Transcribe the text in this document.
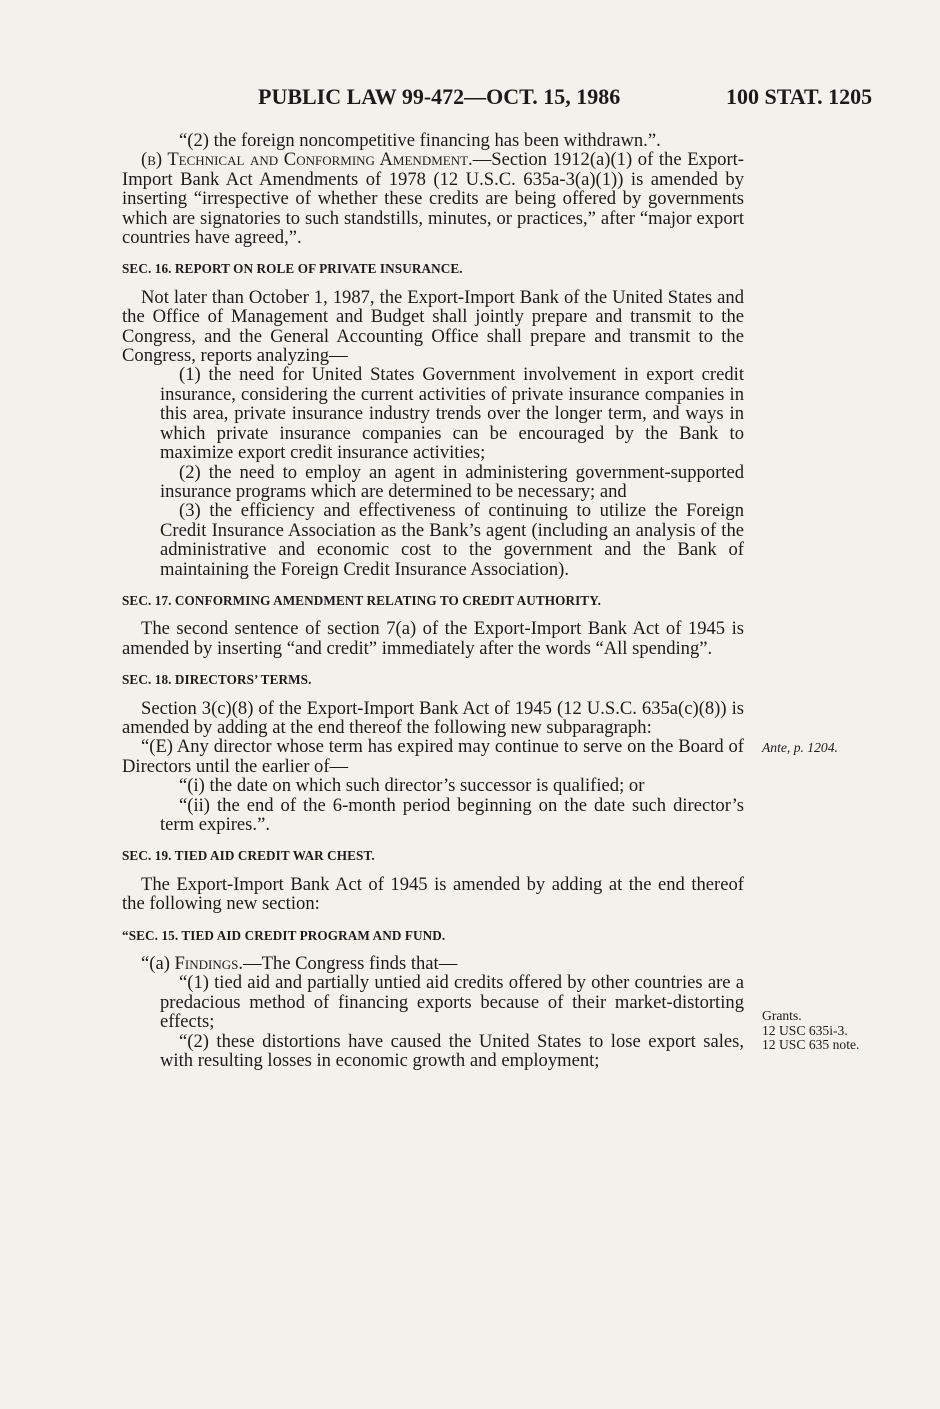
PUBLIC LAW 99-472—OCT. 15, 1986	100 STAT. 1205

“(2) the foreign noncompetitive financing has been withdrawn.”.

(b) Technical and Conforming Amendment.—Section 1912(a)(1) of the Export-Import Bank Act Amendments of 1978 (12 U.S.C. 635a-3(a)(1)) is amended by inserting “irrespective of whether these credits are being offered by governments which are signatories to such standstills, minutes, or practices,” after “major export countries have agreed,”.

SEC. 16. REPORT ON ROLE OF PRIVATE INSURANCE.

Not later than October 1, 1987, the Export-Import Bank of the United States and the Office of Management and Budget shall jointly prepare and transmit to the Congress, and the General Accounting Office shall prepare and transmit to the Congress, reports analyzing—

(1) the need for United States Government involvement in export credit insurance, considering the current activities of private insurance companies in this area, private insurance industry trends over the longer term, and ways in which private insurance companies can be encouraged by the Bank to maximize export credit insurance activities;

(2) the need to employ an agent in administering government-supported insurance programs which are determined to be necessary; and

(3) the efficiency and effectiveness of continuing to utilize the Foreign Credit Insurance Association as the Bank’s agent (including an analysis of the administrative and economic cost to the government and the Bank of maintaining the Foreign Credit Insurance Association).

SEC. 17. CONFORMING AMENDMENT RELATING TO CREDIT AUTHORITY.

The second sentence of section 7(a) of the Export-Import Bank Act of 1945 is amended by inserting “and credit” immediately after the words “All spending”.

SEC. 18. DIRECTORS’ TERMS.

Section 3(c)(8) of the Export-Import Bank Act of 1945 (12 U.S.C. 635a(c)(8)) is amended by adding at the end thereof the following new subparagraph:

“(E) Any director whose term has expired may continue to serve on the Board of Directors until the earlier of—

“(i) the date on which such director’s successor is qualified; or

“(ii) the end of the 6-month period beginning on the date such director’s term expires.”.

SEC. 19. TIED AID CREDIT WAR CHEST.

The Export-Import Bank Act of 1945 is amended by adding at the end thereof the following new section:

“SEC. 15. TIED AID CREDIT PROGRAM AND FUND.

“(a) Findings.—The Congress finds that—

“(1) tied aid and partially untied aid credits offered by other countries are a predacious method of financing exports because of their market-distorting effects;

“(2) these distortions have caused the United States to lose export sales, with resulting losses in economic growth and employment;

Ante, p. 1204.
Grants.
12 USC 635i-3.
12 USC 635 note.
